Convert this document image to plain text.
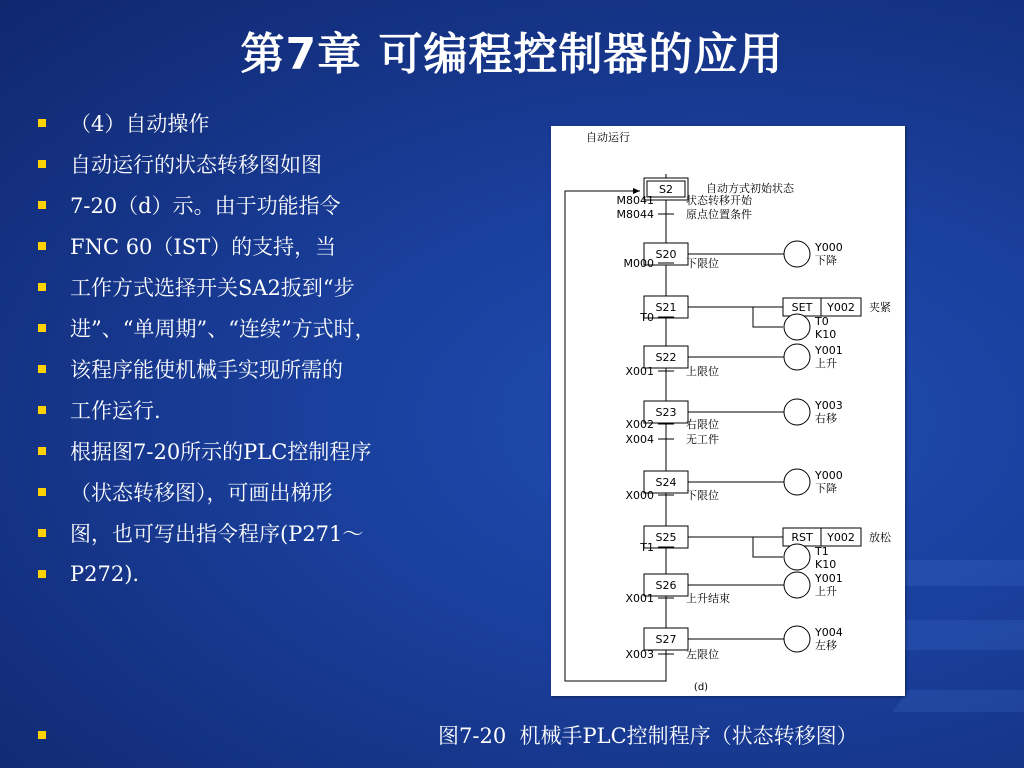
第7章 可编程控制器的应用
（4）自动操作
自动运行的状态转移图如图
7-20（d）示。由于功能指令
FNC 60（IST）的支持，当
工作方式选择开关SA2扳到“步
进”、“单周期”、“连续”方式时，
该程序能使机械手实现所需的
工作运行.
根据图7-20所示的PLC控制程序
（状态转移图），可画出梯形
图，也可写出指令程序(P271～
P272).
自动运行
S2	自动方式初始状态
S20
S21
S22
S23
S24
S25
S26
S27
M8041	状态转移开始
M8044	原点位置条件
M000	下限位
T0
X001	上限位
X002	右限位
X004	无工件
X000	下限位
T1
X001	上升结束
X003	左限位
Y000
下降
SET Y002 夹紧
T0
K10
Y001
上升
Y003
右移
Y000
下降
RST Y002 放松
T1
K10
Y001
上升
Y004
左移
(d)
图7-20  机械手PLC控制程序（状态转移图）
